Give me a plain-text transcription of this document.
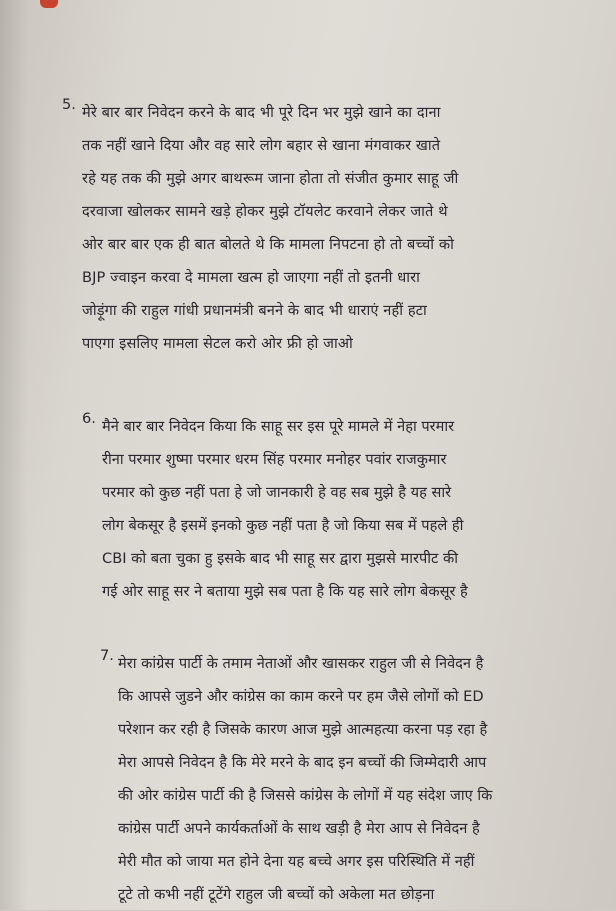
5. मेरे बार बार निवेदन करने के बाद भी पूरे दिन भर मुझे खाने का दाना
तक नहीं खाने दिया और वह सारे लोग बहार से खाना मंगवाकर खाते
रहे यह तक की मुझे अगर बाथरूम जाना होता तो संजीत कुमार साहू जी
दरवाजा खोलकर सामने खड़े होकर मुझे टॉयलेट करवाने लेकर जाते थे
ओर बार बार एक ही बात बोलते थे कि मामला निपटना हो तो बच्चों को
BJP ज्वाइन करवा दे मामला खत्म हो जाएगा नहीं तो इतनी धारा
जोड़ूंगा की राहुल गांधी प्रधानमंत्री बनने के बाद भी धाराएं नहीं हटा
पाएगा इसलिए मामला सेटल करो ओर फ्री हो जाओ
6. मैने बार बार निवेदन किया कि साहू सर इस पूरे मामले में नेहा परमार
रीना परमार शुष्मा परमार धरम सिंह परमार मनोहर पवांर राजकुमार
परमार को कुछ नहीं पता हे जो जानकारी हे वह सब मुझे है यह सारे
लोग बेकसूर है इसमें इनको कुछ नहीं पता है जो किया सब में पहले ही
CBI को बता चुका हु इसके बाद भी साहू सर द्वारा मुझसे मारपीट की
गई ओर साहू सर ने बताया मुझे सब पता है कि यह सारे लोग बेकसूर है
7. मेरा कांग्रेस पार्टी के तमाम नेताओं और खासकर राहुल जी से निवेदन है
कि आपसे जुडने और कांग्रेस का काम करने पर हम जैसे लोगों को ED
परेशान कर रही है जिसके कारण आज मुझे आत्महत्या करना पड़ रहा है
मेरा आपसे निवेदन है कि मेरे मरने के बाद इन बच्चों की जिम्मेदारी आप
की ओर कांग्रेस पार्टी की है जिससे कांग्रेस के लोगों में यह संदेश जाए कि
कांग्रेस पार्टी अपने कार्यकर्ताओं के साथ खड़ी है मेरा आप से निवेदन है
मेरी मौत को जाया मत होने देना यह बच्चे अगर इस परिस्थिति में नहीं
टूटे तो कभी नहीं टूटेंगे राहुल जी बच्चों को अकेला मत छोड़ना
